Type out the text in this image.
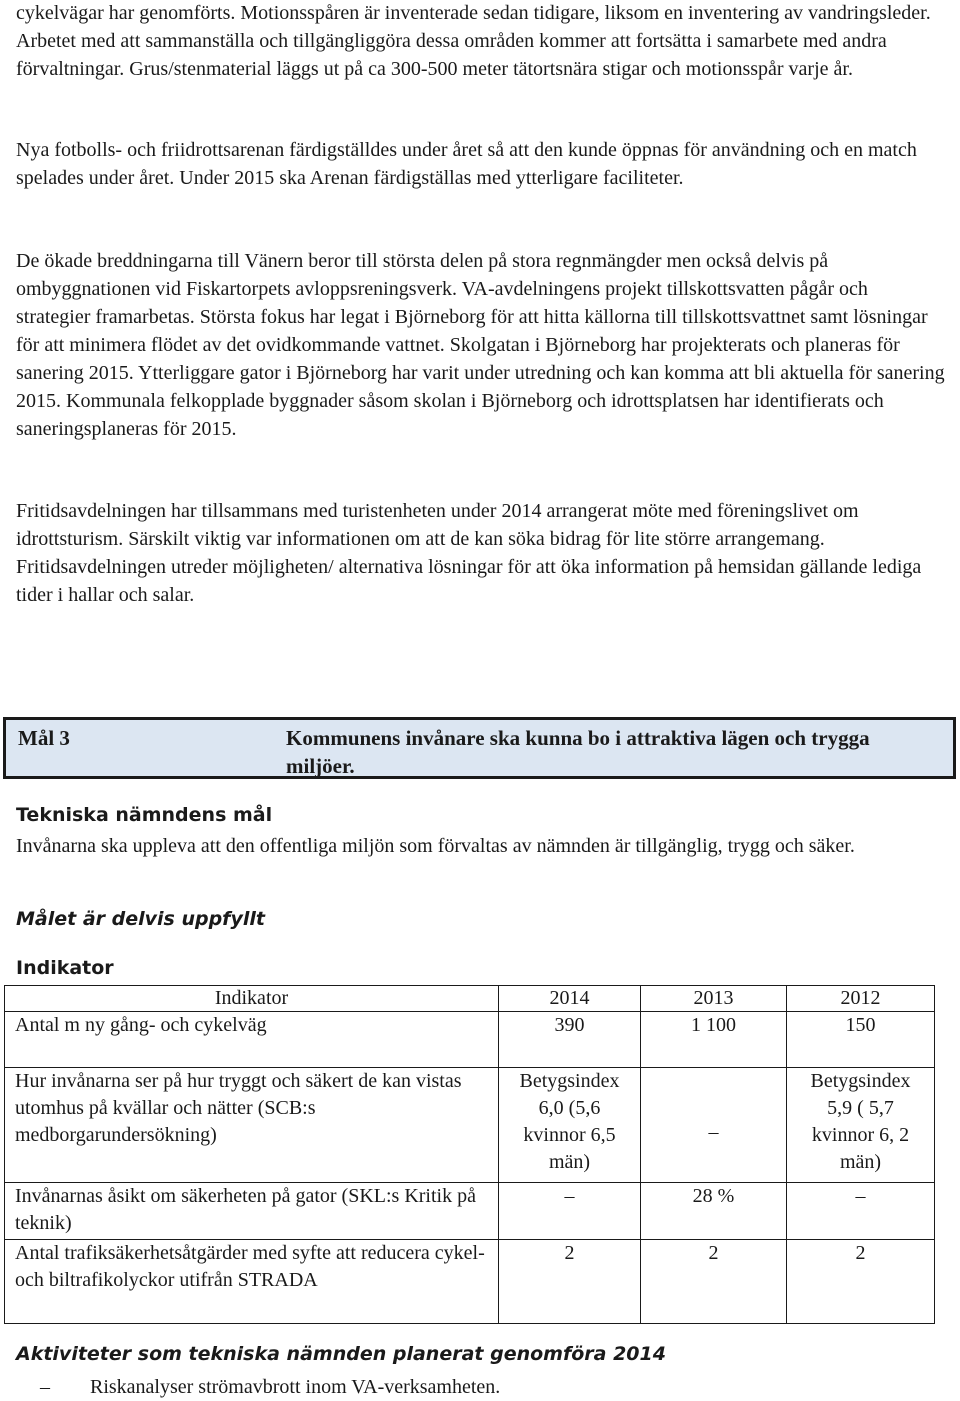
cykelvägar har genomförts. Motionsspåren är inventerade sedan tidigare, liksom en inventering av vandringsleder. Arbetet med att sammanställa och tillgängliggöra dessa områden kommer att fortsätta i samarbete med andra förvaltningar. Grus/stenmaterial läggs ut på ca 300-500 meter tätortsnära stigar och motionsspår varje år.

Nya fotbolls- och friidrottsarenan färdigställdes under året så att den kunde öppnas för användning och en match spelades under året. Under 2015 ska Arenan färdigställas med ytterligare faciliteter.

De ökade breddningarna till Vänern beror till största delen på stora regnmängder men också delvis på ombyggnationen vid Fiskartorpets avloppsreningsverk. VA-avdelningens projekt tillskottsvatten pågår och strategier framarbetas. Största fokus har legat i Björneborg för att hitta källorna till tillskottsvattnet samt lösningar för att minimera flödet av det ovidkommande vattnet. Skolgatan i Björneborg har projekterats och planeras för sanering 2015. Ytterliggare gator i Björneborg har varit under utredning och kan komma att bli aktuella för sanering 2015. Kommunala felkopplade byggnader såsom skolan i Björneborg och idrottsplatsen har identifierats och saneringsplaneras för 2015.

Fritidsavdelningen har tillsammans med turistenheten under 2014 arrangerat möte med föreningslivet om idrottsturism. Särskilt viktig var informationen om att de kan söka bidrag för lite större arrangemang. Fritidsavdelningen utreder möjligheten/ alternativa lösningar för att öka information på hemsidan gällande lediga tider i hallar och salar.

Mål 3	Kommunens invånare ska kunna bo i attraktiva lägen och trygga miljöer.
Tekniska nämndens mål

Invånarna ska uppleva att den offentliga miljön som förvaltas av nämnden är tillgänglig, trygg och säker.

Målet är delvis uppfyllt
Indikator
Indikator	2014	2013	2012
Antal m ny gång- och cykelväg	390	1 100	150
Hur invånarna ser på hur tryggt och säkert de kan vistas utomhus på kvällar och nätter (SCB:s medborgarundersökning)	Betygsindex 6,0 (5,6 kvinnor 6,5 män)	–	Betygsindex 5,9 ( 5,7 kvinnor 6, 2 män)
Invånarnas åsikt om säkerheten på gator (SKL:s Kritik på teknik)	–	28 %	–
Antal trafiksäkerhetsåtgärder med syfte att reducera cykel- och biltrafikolyckor utifrån STRADA	2	2	2
Aktiviteter som tekniska nämnden planerat genomföra 2014
– Riskanalyser strömavbrott inom VA-verksamheten.
